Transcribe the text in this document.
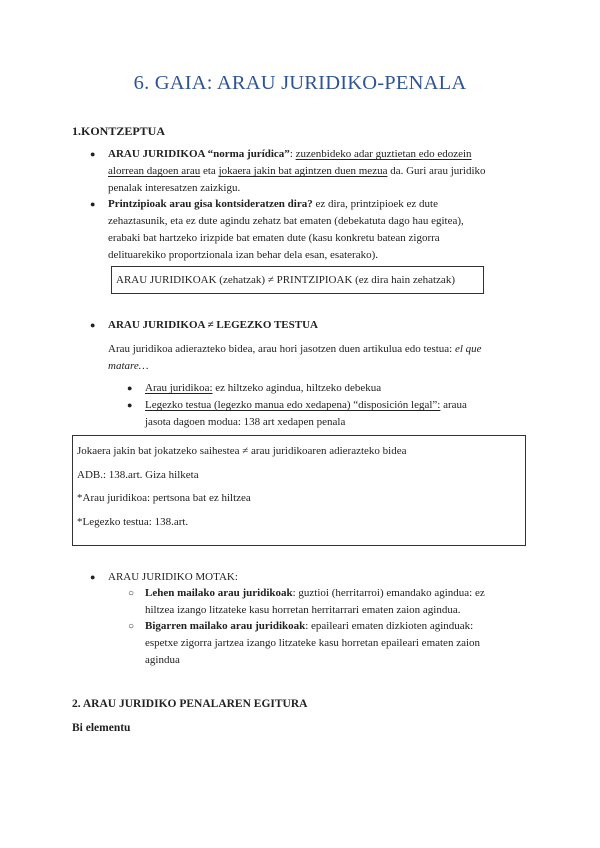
6. GAIA: ARAU JURIDIKO-PENALA
1.KONTZEPTUA
● ARAU JURIDIKOA “norma jurídica”: zuzenbideko adar guztietan edo edozein
alorrean dagoen arau eta jokaera jakin bat agintzen duen mezua da. Guri arau juridiko
penalak interesatzen zaizkigu.
● Printzipioak arau gisa kontsideratzen dira? ez dira, printzipioek ez dute
zehaztasunik, eta ez dute agindu zehatz bat ematen (debekatuta dago hau egitea),
erabaki bat hartzeko irizpide bat ematen dute (kasu konkretu batean zigorra
delituarekiko proportzionala izan behar dela esan, esaterako).
ARAU JURIDIKOAK (zehatzak) ≠ PRINTZIPIOAK (ez dira hain zehatzak)
● ARAU JURIDIKOA ≠ LEGEZKO TESTUA
Arau juridikoa adierazteko bidea, arau hori jasotzen duen artikulua edo testua: el que
matare…
● Arau juridikoa: ez hiltzeko agindua, hiltzeko debekua
● Legezko testua (legezko manua edo xedapena) “disposición legal”: araua
jasota dagoen modua: 138 art xedapen penala
Jokaera jakin bat jokatzeko saihestea ≠ arau juridikoaren adierazteko bidea
ADB.: 138.art. Giza hilketa
*Arau juridikoa: pertsona bat ez hiltzea
*Legezko testua: 138.art.
● ARAU JURIDIKO MOTAK:
○ Lehen mailako arau juridikoak: guztioi (herritarroi) emandako agindua: ez
hiltzea izango litzateke kasu horretan herritarrari ematen zaion agindua.
○ Bigarren mailako arau juridikoak: epaileari ematen dizkioten aginduak:
espetxe zigorra jartzea izango litzateke kasu horretan epaileari ematen zaion
agindua
2. ARAU JURIDIKO PENALAREN EGITURA
Bi elementu
